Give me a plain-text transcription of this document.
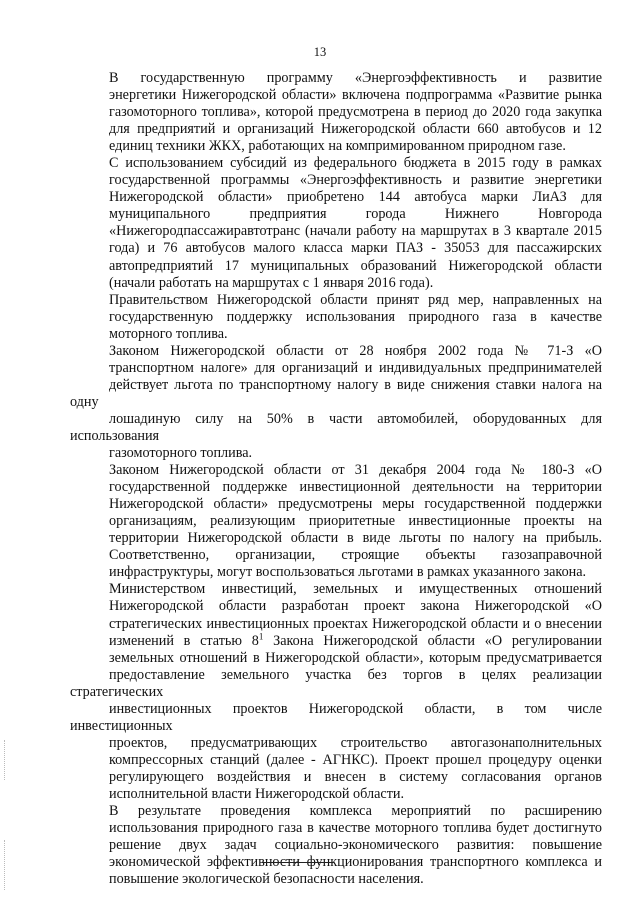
13

В государственную программу «Энергоэффективность и развитие
энергетики Нижегородской области» включена подпрограмма «Развитие рынка
газомоторного топлива», которой предусмотрена в период до 2020 года закупка
для предприятий и организаций Нижегородской области 660 автобусов и 12
единиц техники ЖКХ, работающих на компримированном природном газе.

С использованием субсидий из федерального бюджета в 2015 году в рамках
государственной программы «Энергоэффективность и развитие энергетики
Нижегородской области» приобретено 144 автобуса марки ЛиАЗ для
муниципального предприятия города Нижнего Новгорода
«Нижегородпассажиравтотранс (начали работу на маршрутах в 3 квартале 2015
года) и 76 автобусов малого класса марки ПАЗ - 35053 для пассажирских
автопредприятий 17 муниципальных образований Нижегородской области
(начали работать на маршрутах с 1 января 2016 года).

Правительством Нижегородской области принят ряд мер, направленных на
государственную поддержку использования природного газа в качестве
моторного топлива.

Законом Нижегородской области от 28 ноября 2002 года № 71-З «О
транспортном налоге» для организаций и индивидуальных предпринимателей
действует льгота по транспортному налогу в виде снижения ставки налога на одну
лошадиную силу на 50% в части автомобилей, оборудованных для использования
газомоторного топлива.

Законом Нижегородской области от 31 декабря 2004 года № 180-З «О
государственной поддержке инвестиционной деятельности на территории
Нижегородской области» предусмотрены меры государственной поддержки
организациям, реализующим приоритетные инвестиционные проекты на
территории Нижегородской области в виде льготы по налогу на прибыль.
Соответственно, организации, строящие объекты газозаправочной
инфраструктуры, могут воспользоваться льготами в рамках указанного закона.

Министерством инвестиций, земельных и имущественных отношений
Нижегородской области разработан проект закона Нижегородской «О
стратегических инвестиционных проектах Нижегородской области и о внесении
изменений в статью 8$^1$ Закона Нижегородской области «О регулировании
земельных отношений в Нижегородской области», которым предусматривается
предоставление земельного участка без торгов в целях реализации стратегических
инвестиционных проектов Нижегородской области, в том числе инвестиционных
проектов, предусматривающих строительство автогазонаполнительных
компрессорных станций (далее - АГНКС). Проект прошел процедуру оценки
регулирующего воздействия и внесен в систему согласования органов
исполнительной власти Нижегородской области.

В результате проведения комплекса мероприятий по расширению
использования природного газа в качестве моторного топлива будет достигнуто
решение двух задач социально-экономического развития: повышение
экономической эффективности функционирования транспортного комплекса и
повышение экологической безопасности населения.
